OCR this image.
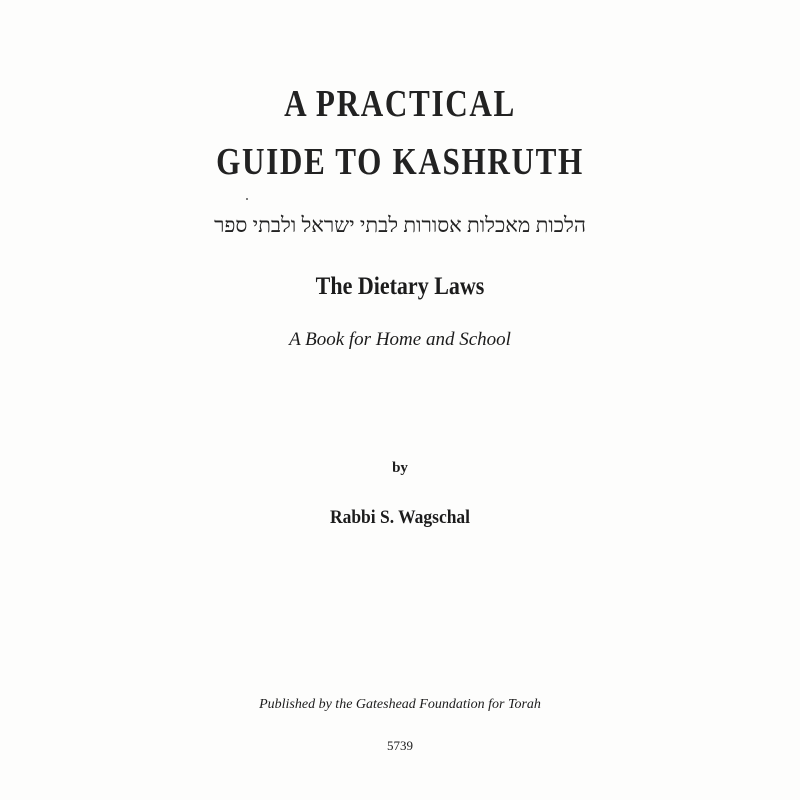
A PRACTICAL
GUIDE TO KASHRUTH
הלכות מאכלות אסורות לבתי ישראל ולבתי ספר
The Dietary Laws
A Book for Home and School
by
Rabbi S. Wagschal
Published by the Gateshead Foundation for Torah
5739
